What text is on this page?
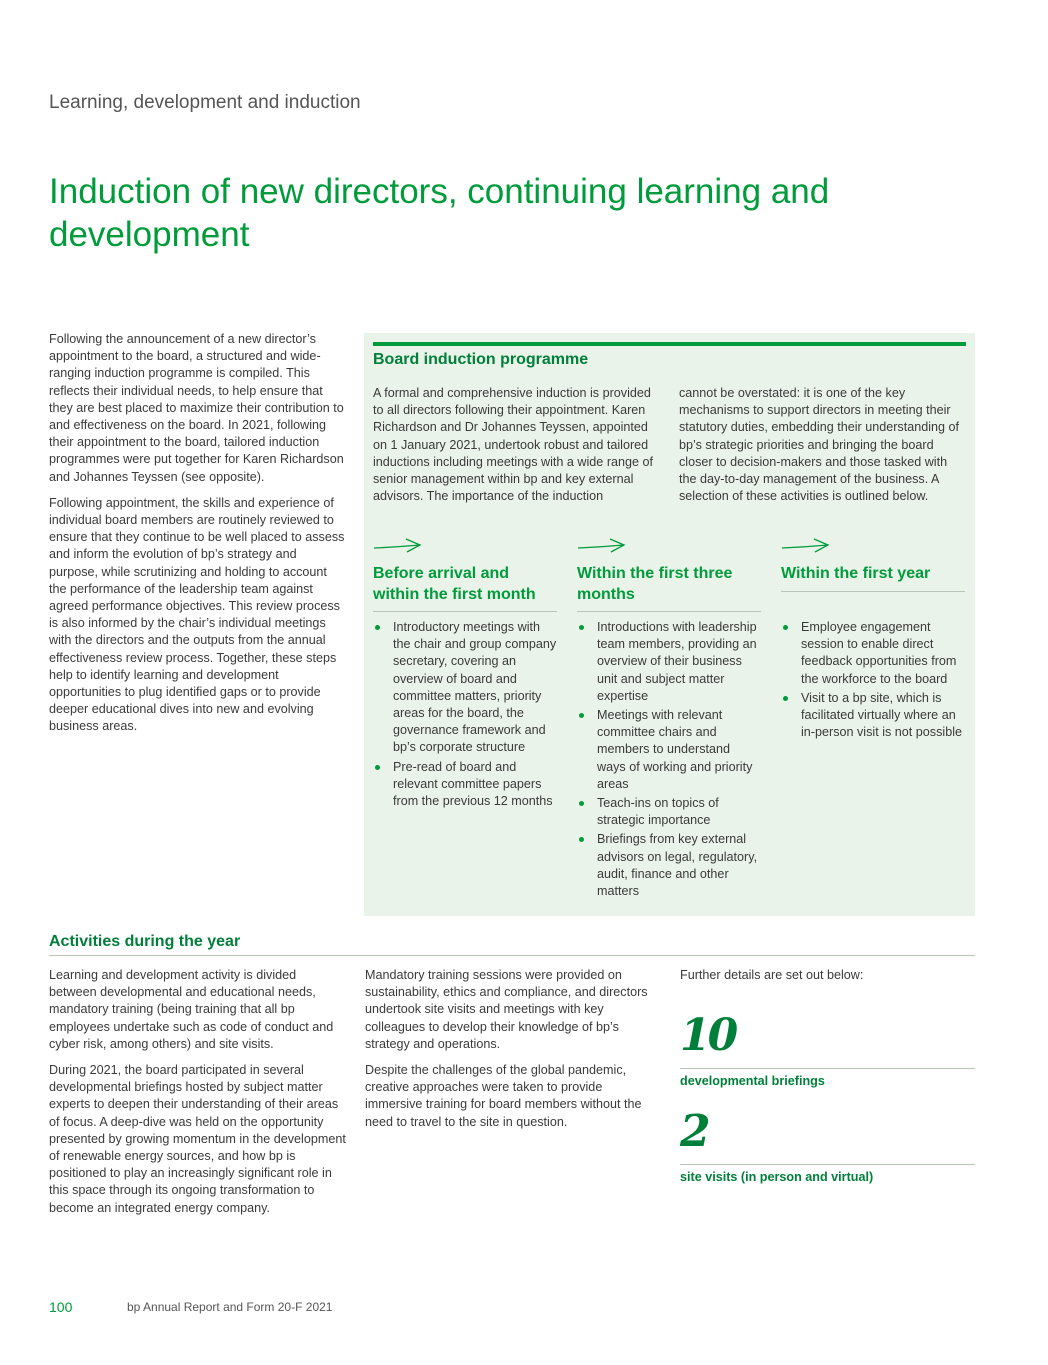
Learning, development and induction
Induction of new directors, continuing learning and development

Following the announcement of a new director’s appointment to the board, a structured and wide-ranging induction programme is compiled. This reflects their individual needs, to help ensure that they are best placed to maximize their contribution to and effectiveness on the board. In 2021, following their appointment to the board, tailored induction programmes were put together for Karen Richardson and Johannes Teyssen (see opposite).

Following appointment, the skills and experience of individual board members are routinely reviewed to ensure that they continue to be well placed to assess and inform the evolution of bp’s strategy and purpose, while scrutinizing and holding to account the performance of the leadership team against agreed performance objectives. This review process is also informed by the chair’s individual meetings with the directors and the outputs from the annual effectiveness review process. Together, these steps help to identify learning and development opportunities to plug identified gaps or to provide deeper educational dives into new and evolving business areas.

Board induction programme

A formal and comprehensive induction is provided to all directors following their appointment. Karen Richardson and Dr Johannes Teyssen, appointed on 1 January 2021, undertook robust and tailored inductions including meetings with a wide range of senior management within bp and key external advisors. The importance of the induction

cannot be overstated: it is one of the key mechanisms to support directors in meeting their statutory duties, embedding their understanding of bp’s strategic priorities and bringing the board closer to decision-makers and those tasked with the day-to-day management of the business. A selection of these activities is outlined below.

Before arrival and within the first month
Within the first three months
Within the first year
Introductory meetings with the chair and group company secretary, covering an overview of board and committee matters, priority areas for the board, the governance framework and bp’s corporate structure
Pre-read of board and relevant committee papers from the previous 12 months
Introductions with leadership team members, providing an overview of their business unit and subject matter expertise
Meetings with relevant committee chairs and members to understand ways of working and priority areas
Teach-ins on topics of strategic importance
Briefings from key external advisors on legal, regulatory, audit, finance and other matters
Employee engagement session to enable direct feedback opportunities from the workforce to the board
Visit to a bp site, which is facilitated virtually where an in-person visit is not possible
Activities during the year

Learning and development activity is divided between developmental and educational needs, mandatory training (being training that all bp employees undertake such as code of conduct and cyber risk, among others) and site visits.

During 2021, the board participated in several developmental briefings hosted by subject matter experts to deepen their understanding of their areas of focus. A deep-dive was held on the opportunity presented by growing momentum in the development of renewable energy sources, and how bp is positioned to play an increasingly significant role in this space through its ongoing transformation to become an integrated energy company.

Mandatory training sessions were provided on sustainability, ethics and compliance, and directors undertook site visits and meetings with key colleagues to develop their knowledge of bp’s strategy and operations.

Despite the challenges of the global pandemic, creative approaches were taken to provide immersive training for board members without the need to travel to the site in question.

Further details are set out below:

10
developmental briefings
2
site visits (in person and virtual)
100	bp Annual Report and Form 20-F 2021
